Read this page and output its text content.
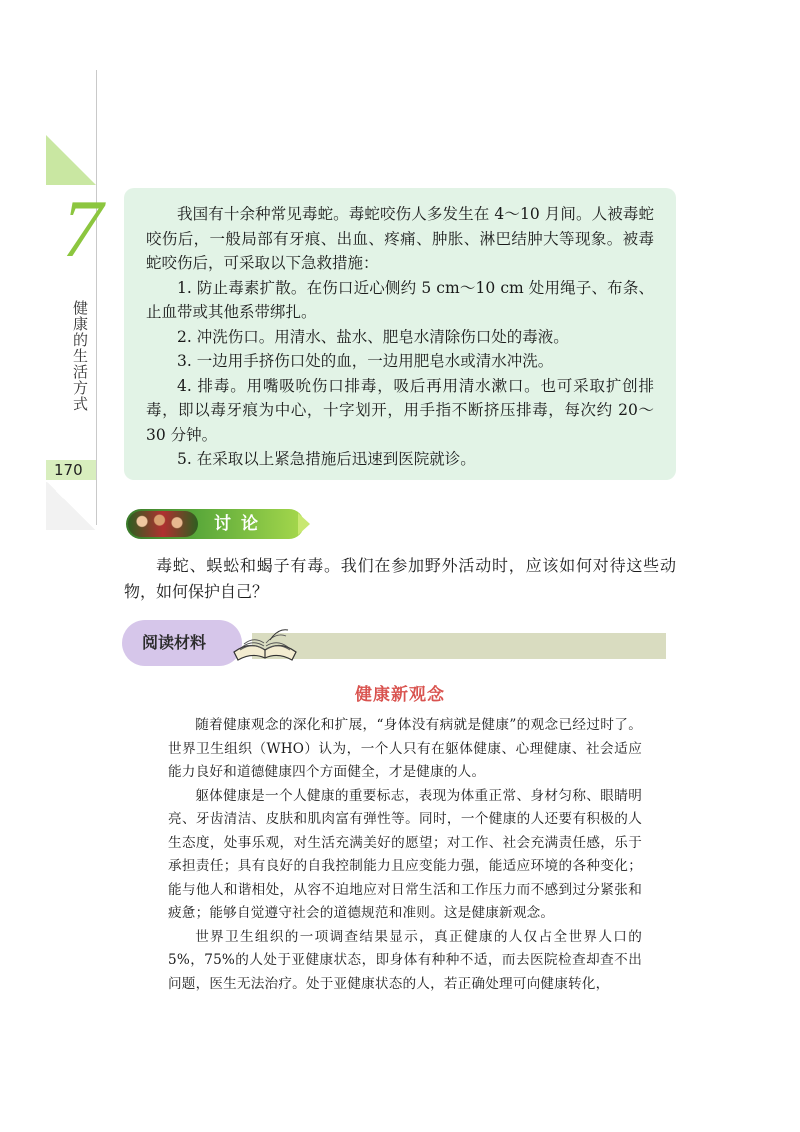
7
健康的生活方式
170

我国有十余种常见毒蛇。毒蛇咬伤人多发生在 4～10 月间。人被毒蛇咬伤后，一般局部有牙痕、出血、疼痛、肿胀、淋巴结肿大等现象。被毒蛇咬伤后，可采取以下急救措施：

1. 防止毒素扩散。在伤口近心侧约 5 cm～10 cm 处用绳子、布条、止血带或其他系带绑扎。

2. 冲洗伤口。用清水、盐水、肥皂水清除伤口处的毒液。

3. 一边用手挤伤口处的血，一边用肥皂水或清水冲洗。

4. 排毒。用嘴吸吮伤口排毒，吸后再用清水漱口。也可采取扩创排毒，即以毒牙痕为中心，十字划开，用手指不断挤压排毒，每次约 20～30 分钟。

5. 在采取以上紧急措施后迅速到医院就诊。

讨论

毒蛇、蜈蚣和蝎子有毒。我们在参加野外活动时，应该如何对待这些动物，如何保护自己？

阅读材料
健康新观念

随着健康观念的深化和扩展，“身体没有病就是健康”的观念已经过时了。世界卫生组织（WHO）认为，一个人只有在躯体健康、心理健康、社会适应能力良好和道德健康四个方面健全，才是健康的人。

躯体健康是一个人健康的重要标志，表现为体重正常、身材匀称、眼睛明亮、牙齿清洁、皮肤和肌肉富有弹性等。同时，一个健康的人还要有积极的人生态度，处事乐观，对生活充满美好的愿望；对工作、社会充满责任感，乐于承担责任；具有良好的自我控制能力且应变能力强，能适应环境的各种变化；能与他人和谐相处，从容不迫地应对日常生活和工作压力而不感到过分紧张和疲惫；能够自觉遵守社会的道德规范和准则。这是健康新观念。

世界卫生组织的一项调查结果显示，真正健康的人仅占全世界人口的 5%，75%的人处于亚健康状态，即身体有种种不适，而去医院检查却查不出问题，医生无法治疗。处于亚健康状态的人，若正确处理可向健康转化，
